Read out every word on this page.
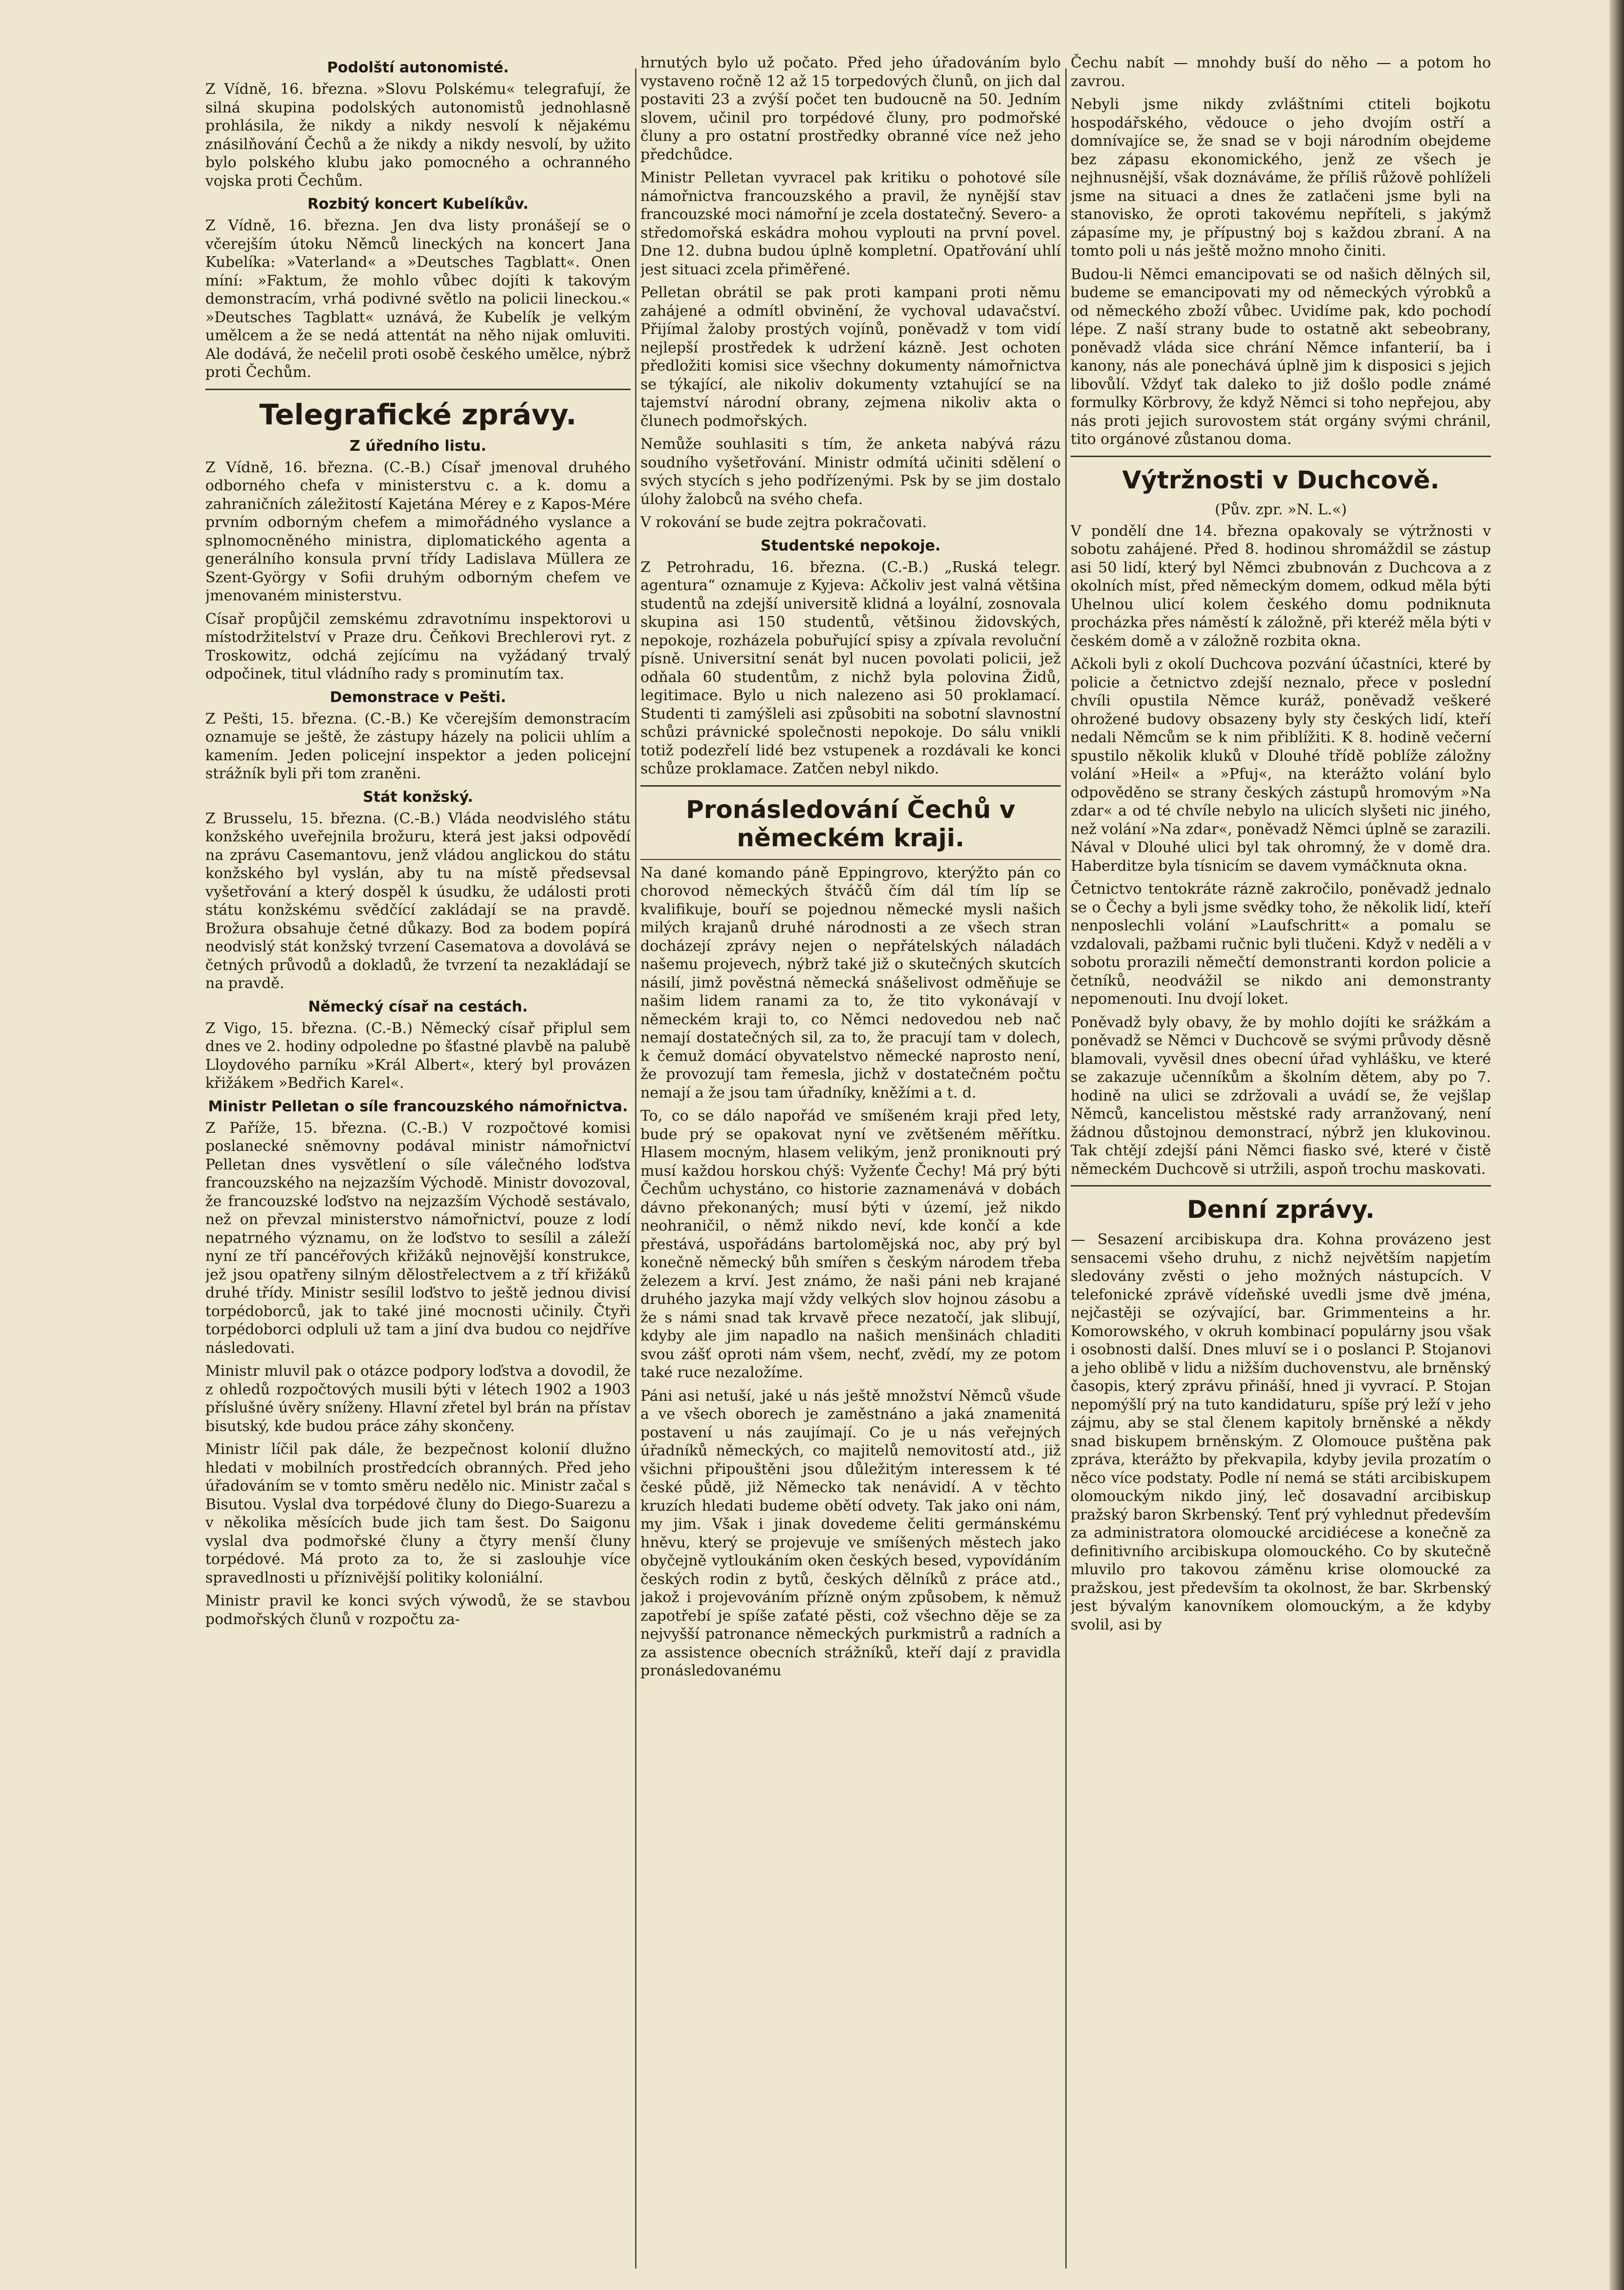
Podolští autonomisté.

Z Vídně, 16. března. »Slovu Polskému« telegrafují, že silná skupina podolských autonomistů jednohlasně prohlásila, že nikdy a nikdy nesvolí k nějakému znásilňování Čechů a že nikdy a nikdy nesvolí, by užito bylo polského klubu jako pomocného a ochranného vojska proti Čechům.

Rozbitý koncert Kubelíkův.

Z Vídně, 16. března. Jen dva listy pronášejí se o včerejším útoku Němců lineckých na koncert Jana Kubelíka: »Vaterland« a »Deutsches Tagblatt«. Onen míní: »Faktum, že mohlo vůbec dojíti k takovým demonstracím, vrhá podivné světlo na policii lineckou.« »Deutsches Tagblatt« uznává, že Kubelík je velkým umělcem a že se nedá attentát na něho nijak omluviti. Ale dodává, že nečelil proti osobě českého umělce, nýbrž proti Čechům.

Telegrafické zprávy.
Z úředního listu.

Z Vídně, 16. března. (C.-B.) Císař jmenoval druhého odborného chefa v ministerstvu c. a k. domu a zahraničních záležitostí Kajetána Mérey e z Kapos-Mére prvním odborným chefem a mimořádného vyslance a splnomocněného ministra, diplomatického agenta a generálního konsula první třídy Ladislava Müllera ze Szent-György v Sofii druhým odborným chefem ve jmenovaném ministerstvu.

Císař propůjčil zemskému zdravotnímu inspektorovi u místodržitelství v Praze dru. Čeňkovi Brechlerovi ryt. z Troskowitz, odchá zejícímu na vyžádaný trvalý odpočinek, titul vládního rady s prominutím tax.

Demonstrace v Pešti.

Z Pešti, 15. března. (C.-B.) Ke včerejším demonstracím oznamuje se ještě, že zástupy házely na policii uhlím a kamením. Jeden policejní inspektor a jeden policejní strážník byli při tom zraněni.

Stát konžský.

Z Brusselu, 15. března. (C.-B.) Vláda neodvislého státu konžského uveřejnila brožuru, která jest jaksi odpovědí na zprávu Casemantovu, jenž vládou anglickou do státu konžského byl vyslán, aby tu na místě předsevsal vyšetřování a který dospěl k úsudku, že události proti státu konžskému svědčící zakládají se na pravdě. Brožura obsahuje četné důkazy. Bod za bodem popírá neodvislý stát konžský tvrzení Casematova a dovolává se četných průvodů a dokladů, že tvrzení ta nezakládají se na pravdě.

Německý císař na cestách.

Z Vigo, 15. března. (C.-B.) Německý císař připlul sem dnes ve 2. hodiny odpoledne po šťastné plavbě na palubě Lloydového parníku »Král Albert«, který byl provázen křižákem »Bedřich Karel«.

Ministr Pelletan o síle francouzského námořnictva.

Z Paříže, 15. března. (C.-B.) V rozpočtové komisi poslanecké sněmovny podával ministr námořnictví Pelletan dnes vysvětlení o síle válečného loďstva francouzského na nejzazším Východě. Ministr dovozoval, že francouzské loďstvo na nejzazším Východě sestávalo, než on převzal ministerstvo námořnictví, pouze z lodí nepatrného významu, on že loďstvo to sesílil a záleží nyní ze tří pancéřových křižáků nejnovější konstrukce, jež jsou opatřeny silným dělostřelectvem a z tří křižáků druhé třídy. Ministr sesílil loďstvo to ještě jednou divisí torpédoborců, jak to také jiné mocnosti učinily. Čtyři torpédoborci odpluli už tam a jiní dva budou co nejdříve následovati.

Ministr mluvil pak o otázce podpory loďstva a dovodil, že z ohledů rozpočtových musili býti v létech 1902 a 1903 příslušné úvěry sníženy. Hlavní zřetel byl brán na přístav bisutský, kde budou práce záhy skončeny.

Ministr líčil pak dále, že bezpečnost kolonií dlužno hledati v mobilních prostředcích obranných. Před jeho úřadováním se v tomto směru nedělo nic. Ministr začal s Bisutou. Vyslal dva torpédové čluny do Diego-Suarezu a v několika měsících bude jich tam šest. Do Saigonu vyslal dva podmořské čluny a čtyry menší čluny torpédové. Má proto za to, že si zaslouhje více spravedlnosti u příznivější politiky koloniální.

Ministr pravil ke konci svých výwodů, že se stavbou podmořských člunů v rozpočtu za-

hrnutých bylo už počato. Před jeho úřadováním bylo vystaveno ročně 12 až 15 torpedových člunů, on jich dal postaviti 23 a zvýší počet ten budoucně na 50. Jedním slovem, učinil pro torpédové čluny, pro podmořské čluny a pro ostatní prostředky obranné více než jeho předchůdce.

Ministr Pelletan vyvracel pak kritiku o pohotové síle námořnictva francouzského a pravil, že nynější stav francouzské moci námořní je zcela dostatečný. Severo- a středomořská eskádra mohou vyplouti na první povel. Dne 12. dubna budou úplně kompletní. Opatřování uhlí jest situaci zcela přiměřené.

Pelletan obrátil se pak proti kampani proti němu zahájené a odmítl obvinění, že vychoval udavačství. Přijímal žaloby prostých vojínů, poněvadž v tom vidí nejlepší prostředek k udržení kázně. Jest ochoten předložiti komisi sice všechny dokumenty námořnictva se týkající, ale nikoliv dokumenty vztahující se na tajemství národní obrany, zejmena nikoliv akta o člunech podmořských.

Nemůže souhlasiti s tím, že anketa nabývá rázu soudního vyšetřování. Ministr odmítá učiniti sdělení o svých stycích s jeho podřízenými. Psk by se jim dostalo úlohy žalobců na svého chefa.

V rokování se bude zejtra pokračovati.

Studentské nepokoje.

Z Petrohradu, 16. března. (C.-B.) „Ruská telegr. agentura“ oznamuje z Kyjeva: Ačkoliv jest valná většina studentů na zdejší universitě klidná a loyální, zosnovala skupina asi 150 studentů, většinou židovských, nepokoje, rozházela pobuřující spisy a zpívala revoluční písně. Universitní senát byl nucen povolati policii, jež odňala 60 studentům, z nichž byla polovina Židů, legitimace. Bylo u nich nalezeno asi 50 proklamací. Studenti ti zamýšleli asi způsobiti na sobotní slavnostní schůzi právnické společnosti nepokoje. Do sálu vnikli totiž podezřelí lidé bez vstupenek a rozdávali ke konci schůze proklamace. Zatčen nebyl nikdo.

Pronásledování Čechů v německém kraji.

Na dané komando páně Eppingrovo, kterýžto pán co chorovod německých štváčů čím dál tím líp se kvalifikuje, bouří se pojednou německé mysli našich milých krajanů druhé národnosti a ze všech stran docházejí zprávy nejen o nepřátelských náladách našemu projevech, nýbrž také již o skutečných skutcích násilí, jimž pověstná německá snášelivost odměňuje se našim lidem ranami za to, že tito vykonávají v německém kraji to, co Němci nedovedou neb nač nemají dostatečných sil, za to, že pracují tam v dolech, k čemuž domácí obyvatelstvo německé naprosto není, že provozují tam řemesla, jichž v dostatečném počtu nemají a že jsou tam úřadníky, kněžími a t. d.

To, co se dálo napořád ve smíšeném kraji před lety, bude prý se opakovat nyní ve zvětšeném měřítku. Hlasem mocným, hlasem velikým, jenž proniknouti prý musí každou horskou chýš: Vyženťe Čechy! Má prý býti Čechům uchystáno, co historie zaznamenává v dobách dávno překonaných; musí býti v území, jež nikdo neohraničil, o němž nikdo neví, kde končí a kde přestává, uspořádáns bartolomějská noc, aby prý byl konečně německý bůh smířen s českým národem třeba železem a krví. Jest známo, že naši páni neb krajané druhého jazyka mají vždy velkých slov hojnou zásobu a že s námi snad tak krvavě přece nezatočí, jak slibují, kdyby ale jim napadlo na našich menšinách chladiti svou zášť oproti nám všem, nechť, zvědí, my ze potom také ruce nezaložíme.

Páni asi netuší, jaké u nás ještě množství Němců všude a ve všech oborech je zaměstnáno a jaká znamenitá postavení u nás zaujímají. Co je u nás veřejných úřadníků německých, co majitelů nemovitostí atd., již všichni připouštěni jsou důležitým interessem k té české půdě, již Německo tak nenávidí. A v těchto kruzích hledati budeme obětí odvety. Tak jako oni nám, my jim. Však i jinak dovedeme čeliti germánskému hněvu, který se projevuje ve smíšených městech jako obyčejně vytloukáním oken českých besed, vypovídáním českých rodin z bytů, českých dělníků z práce atd., jakož i projevováním přízně oným způsobem, k němuž zapotřebí je spíše zaťaté pěsti, což všechno děje se za nejvyšší patronance německých purkmistrů a radních a za assistence obecních strážníků, kteří dají z pravidla pronásledovanému

Čechu nabít — mnohdy buší do něho — a potom ho zavrou.

Nebyli jsme nikdy zvláštními ctiteli bojkotu hospodářského, vědouce o jeho dvojím ostří a domnívajíce se, že snad se v boji národním obejdeme bez zápasu ekonomického, jenž ze všech je nejhnusnější, však doznáváme, že příliš růžově pohlíželi jsme na situaci a dnes že zatlačeni jsme byli na stanovisko, že oproti takovému nepříteli, s jakýmž zápasíme my, je přípustný boj s každou zbraní. A na tomto poli u nás ještě možno mnoho činiti.

Budou-li Němci emancipovati se od našich dělných sil, budeme se emancipovati my od německých výrobků a od německého zboží vůbec. Uvidíme pak, kdo pochodí lépe. Z naší strany bude to ostatně akt sebeobrany, poněvadž vláda sice chrání Němce infanterií, ba i kanony, nás ale ponechává úplně jim k disposici s jejich libovůlí. Vždyť tak daleko to již došlo podle známé formulky Körbrovy, že když Němci si toho nepřejou, aby nás proti jejich surovostem stát orgány svými chránil, tito orgánové zůstanou doma.

Výtržnosti v Duchcově.
(Pův. zpr. »N. L.«)

V pondělí dne 14. března opakovaly se výtržnosti v sobotu zahájené. Před 8. hodinou shromáždil se zástup asi 50 lidí, který byl Němci zbubnován z Duchcova a z okolních míst, před německým domem, odkud měla býti Uhelnou ulicí kolem českého domu podniknuta procházka přes náměstí k záložně, při kteréž měla býti v českém domě a v záložně rozbita okna.

Ačkoli byli z okolí Duchcova pozvání účastníci, které by policie a četnictvo zdejší neznalo, přece v poslední chvíli opustila Němce kuráž, poněvadž veškeré ohrožené budovy obsazeny byly sty českých lidí, kteří nedali Němcům se k nim přiblížiti. K 8. hodině večerní spustilo několik kluků v Dlouhé třídě poblíže záložny volání »Heil« a »Pfuj«, na kterážto volání bylo odpověděno se strany českých zástupů hromovým »Na zdar« a od té chvíle nebylo na ulicích slyšeti nic jiného, než volání »Na zdar«, poněvadž Němci úplně se zarazili. Nával v Dlouhé ulici byl tak ohromný, že v domě dra. Haberditze byla tísnicím se davem vymáčknuta okna.

Četnictvo tentokráte rázně zakročilo, poněvadž jednalo se o Čechy a byli jsme svědky toho, že několik lidí, kteří nenposlechli volání »Laufschritt« a pomalu se vzdalovali, pažbami ručnic byli tlučeni. Když v neděli a v sobotu prorazili němečtí demonstranti kordon policie a četníků, neodvážil se nikdo ani demonstranty nepomenouti. Inu dvojí loket.

Poněvadž byly obavy, že by mohlo dojíti ke srážkám a poněvadž se Němci v Duchcově se svými průvody děsně blamovali, vyvěsil dnes obecní úřad vyhlášku, ve které se zakazuje učenníkům a školním dětem, aby po 7. hodině na ulici se zdržovali a uvádí se, že vejšlap Němců, kancelistou městské rady arranžovaný, není žádnou důstojnou demonstrací, nýbrž jen klukovinou. Tak chtějí zdejší páni Němci fiasko své, které v čistě německém Duchcově si utržili, aspoň trochu maskovati.

Denní zprávy.

— Sesazení arcibiskupa dra. Kohna provázeno jest sensacemi všeho druhu, z nichž největším napjetím sledovány zvěsti o jeho možných nástupcích. V telefonické zprávě vídeňské uvedli jsme dvě jména, nejčastěji se ozývající, bar. Grimmenteins a hr. Komorowského, v okruh kombinací populárny jsou však i osobnosti další. Dnes mluví se i o poslanci P. Stojanovi a jeho oblibě v lidu a nižším duchovenstvu, ale brněnský časopis, který zprávu přináší, hned ji vyvrací. P. Stojan nepomýšlí prý na tuto kandidaturu, spíše prý leží v jeho zájmu, aby se stal členem kapitoly brněnské a někdy snad biskupem brněnským. Z Olomouce puštěna pak zpráva, kterážto by překvapila, kdyby jevila prozatím o něco více podstaty. Podle ní nemá se státi arcibiskupem olomouckým nikdo jiný, leč dosavadní arcibiskup pražský baron Skrbenský. Tenť prý vyhlednut především za administratora olomoucké arcidiécese a konečně za definitivního arcibiskupa olomouckého. Co by skutečně mluvilo pro takovou záměnu krise olomoucké za pražskou, jest především ta okolnost, že bar. Skrbenský jest bývalým kanovníkem olomouckým, a že kdyby svolil, asi by
